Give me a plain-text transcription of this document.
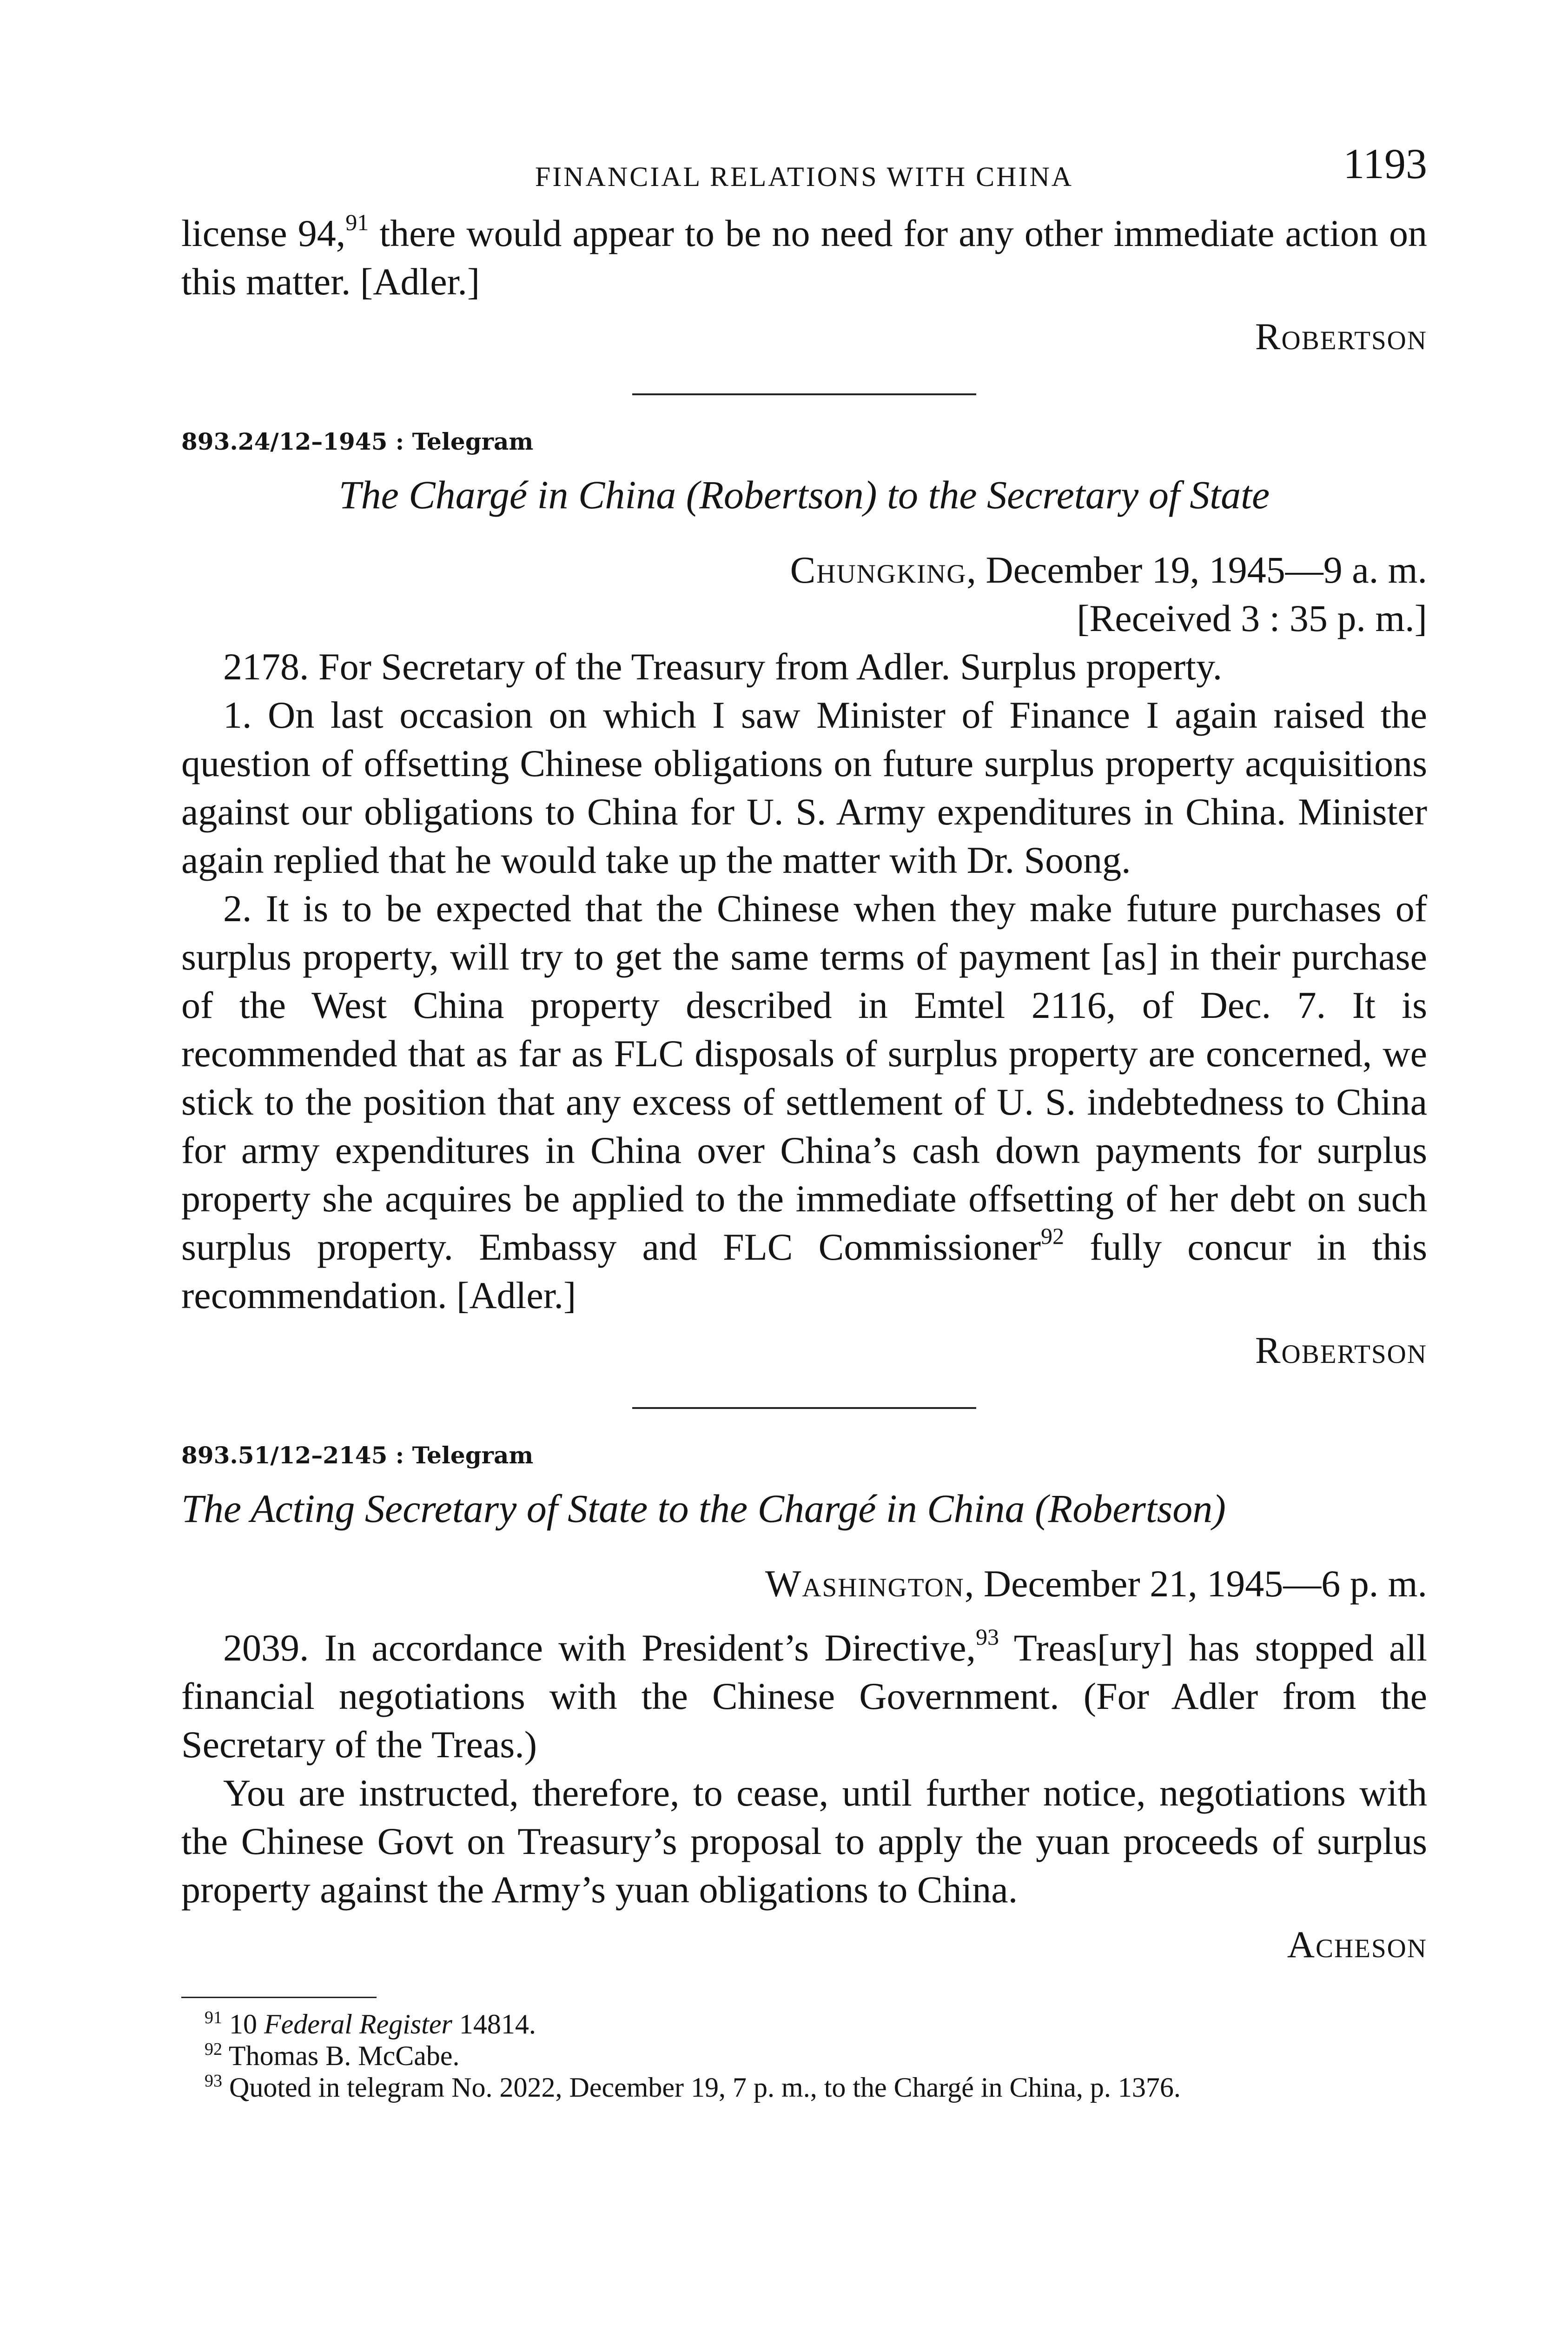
FINANCIAL RELATIONS WITH CHINA	1193

license 94,91 there would appear to be no need for any other immediate action on this matter. [Adler.]

Robertson
893.24/12–1945 : Telegram
The Chargé in China (Robertson) to the Secretary of State
Chungking, December 19, 1945—9 a. m.
[Received 3 : 35 p. m.]

2178. For Secretary of the Treasury from Adler. Surplus property.

1. On last occasion on which I saw Minister of Finance I again raised the question of offsetting Chinese obligations on future surplus property acquisitions against our obligations to China for U. S. Army expenditures in China. Minister again replied that he would take up the matter with Dr. Soong.

2. It is to be expected that the Chinese when they make future purchases of surplus property, will try to get the same terms of payment [as] in their purchase of the West China property described in Emtel 2116, of Dec. 7. It is recommended that as far as FLC disposals of surplus property are concerned, we stick to the position that any excess of settlement of U. S. indebtedness to China for army expenditures in China over China’s cash down payments for surplus property she acquires be applied to the immediate offsetting of her debt on such surplus property. Embassy and FLC Commissioner$^{92}$ fully concur in this recommendation. [Adler.]

Robertson
893.51/12–2145 : Telegram
The Acting Secretary of State to the Chargé in China (Robertson)
Washington, December 21, 1945—6 p. m.

2039. In accordance with President’s Directive,$^{93}$ Treas[ury] has stopped all financial negotiations with the Chinese Government. (For Adler from the Secretary of the Treas.)

You are instructed, therefore, to cease, until further notice, negotiations with the Chinese Govt on Treasury’s proposal to apply the yuan proceeds of surplus property against the Army’s yuan obligations to China.

Acheson
$^{91}$ 10 Federal Register 14814.
$^{92}$ Thomas B. McCabe.
$^{93}$ Quoted in telegram No. 2022, December 19, 7 p. m., to the Chargé in China, p. 1376.
